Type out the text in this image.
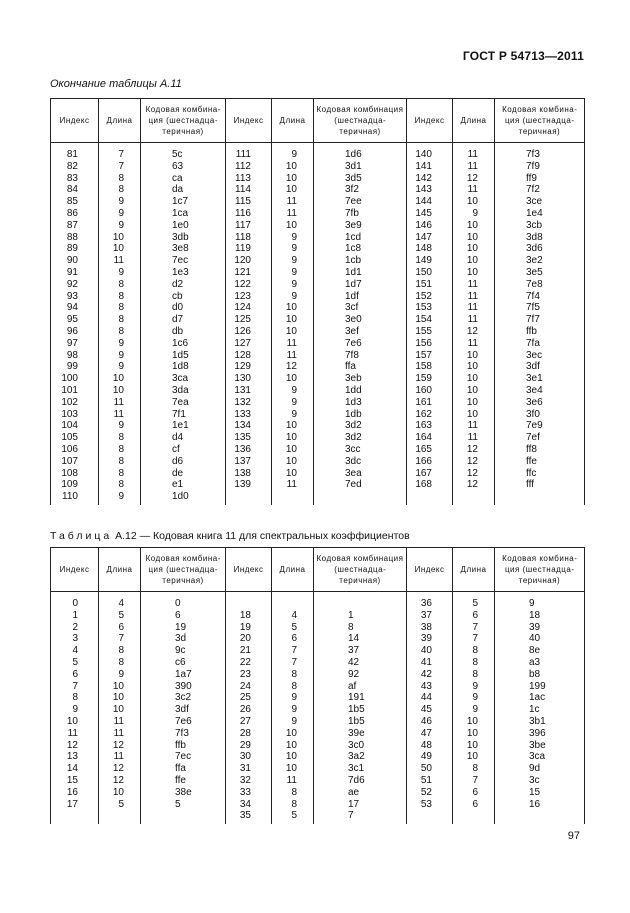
ГОСТ Р 54713—2011
Окончание таблицы А.11
Индекс	Длина	Кодовая комбинация (шестнадцатеричная)	Индекс	Длина	Кодовая комбинация (шестнадцатеричная)	Индекс	Длина	Кодовая комбинация (шестнадцатеричная)
81	7	5c	111	9	1d6	140	11	7f3
82	7	63	112	10	3d1	141	11	7f9
83	8	ca	113	10	3d5	142	12	ff9
84	8	da	114	10	3f2	143	11	7f2
85	9	1c7	115	11	7ee	144	10	3ce
86	9	1ca	116	11	7fb	145	9	1e4
87	9	1e0	117	10	3e9	146	10	3cb
88	10	3db	118	9	1cd	147	10	3d8
89	10	3e8	119	9	1c8	148	10	3d6
90	11	7ec	120	9	1cb	149	10	3e2
91	9	1e3	121	9	1d1	150	10	3e5
92	8	d2	122	9	1d7	151	11	7e8
93	8	cb	123	9	1df	152	11	7f4
94	8	d0	124	10	3cf	153	11	7f5
95	8	d7	125	10	3e0	154	11	7f7
96	8	db	126	10	3ef	155	12	ffb
97	9	1c6	127	11	7e6	156	11	7fa
98	9	1d5	128	11	7f8	157	10	3ec
99	9	1d8	129	12	ffa	158	10	3df
100	10	3ca	130	10	3eb	159	10	3e1
101	10	3da	131	9	1dd	160	10	3e4
102	11	7ea	132	9	1d3	161	10	3e6
103	11	7f1	133	9	1db	162	10	3f0
104	9	1e1	134	10	3d2	163	11	7e9
105	8	d4	135	10	3d2	164	11	7ef
106	8	cf	136	10	3cc	165	12	ff8
107	8	d6	137	10	3dc	166	12	ffe
108	8	de	138	10	3ea	167	12	ffc
109	8	e1	139	11	7ed	168	12	fff
110	9	1d0						
Таблица А.12 — Кодовая книга 11 для спектральных коэффициентов
Индекс	Длина	Кодовая комбинация (шестнадцатеричная)	Индекс	Длина	Кодовая комбинация (шестнадцатеричная)	Индекс	Длина	Кодовая комбинация (шестнадцатеричная)
0	4	0				36	5	9
1	5	6	18	4	1	37	6	18
2	6	19	19	5	8	38	7	39
3	7	3d	20	6	14	39	7	40
4	8	9c	21	7	37	40	8	8e
5	8	c6	22	7	42	41	8	a3
6	9	1a7	23	8	92	42	8	b8
7	10	390	24	8	af	43	9	199
8	10	3c2	25	9	191	44	9	1ac
9	10	3df	26	9	1b5	45	9	1c
10	11	7e6	27	9	1b5	46	10	3b1
11	11	7f3	28	10	39e	47	10	396
12	12	ffb	29	10	3c0	48	10	3be
13	11	7ec	30	10	3a2	49	10	3ca
14	12	ffa	31	10	3c1	50	8	9d
15	12	ffe	32	11	7d6	51	7	3c
16	10	38e	33	8	ae	52	6	15
17	5	5	34	8	17	53	6	16
			35	5	7			
97
